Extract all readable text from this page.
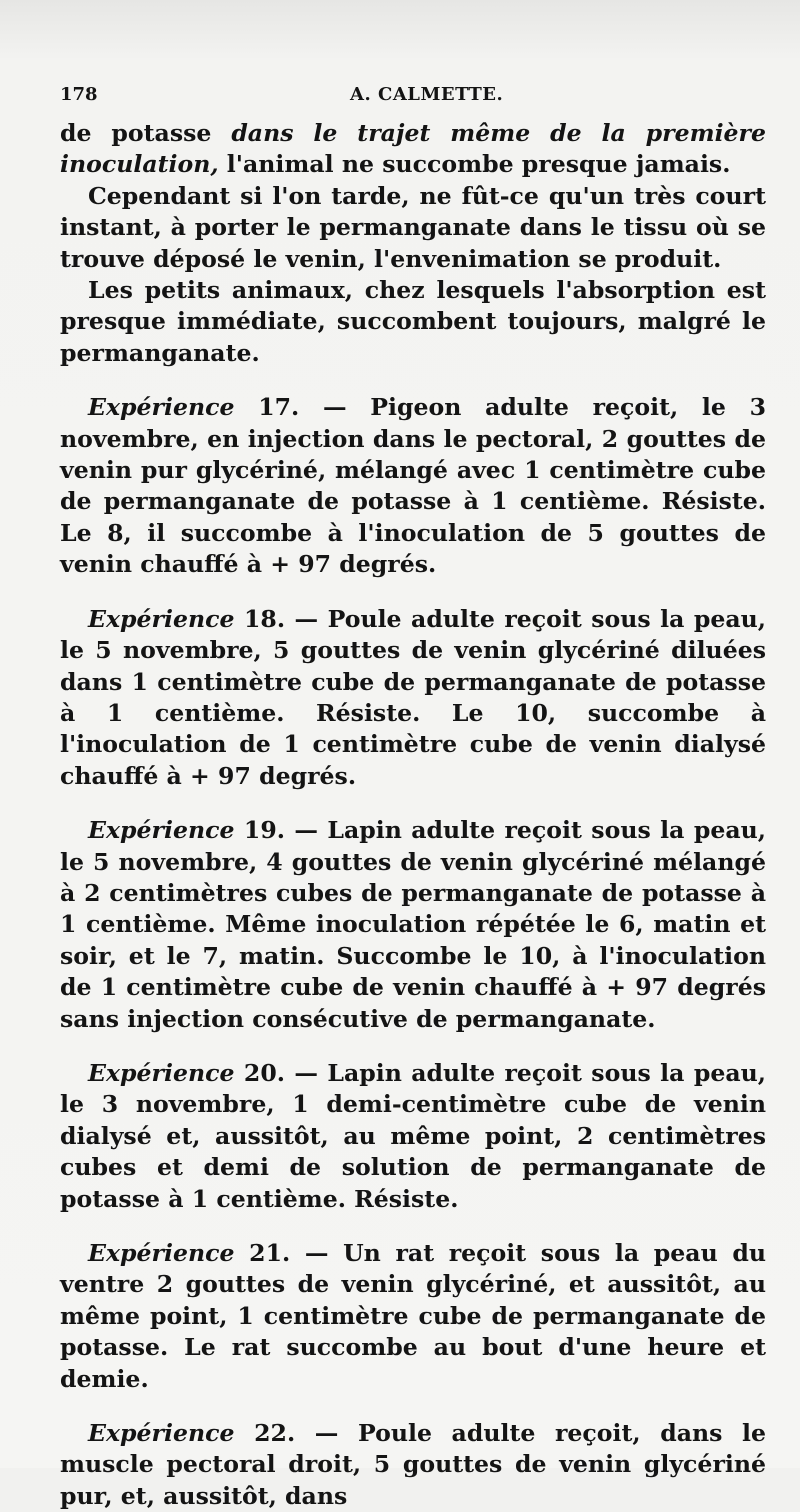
178	A. CALMETTE.

de potasse dans le trajet même de la première inoculation, l'animal ne succombe presque jamais.

Cependant si l'on tarde, ne fût-ce qu'un très court instant, à porter le permanganate dans le tissu où se trouve déposé le venin, l'envenimation se produit.

Les petits animaux, chez lesquels l'absorption est presque immédiate, succombent toujours, malgré le permanganate.

Expérience 17. — Pigeon adulte reçoit, le 3 novembre, en injection dans le pectoral, 2 gouttes de venin pur glycériné, mélangé avec 1 centimètre cube de permanganate de potasse à 1 centième. Résiste. Le 8, il succombe à l'inoculation de 5 gouttes de venin chauffé à + 97 degrés.

Expérience 18. — Poule adulte reçoit sous la peau, le 5 novembre, 5 gouttes de venin glycériné diluées dans 1 centimètre cube de permanganate de potasse à 1 centième. Résiste. Le 10, succombe à l'inoculation de 1 centimètre cube de venin dialysé chauffé à + 97 degrés.

Expérience 19. — Lapin adulte reçoit sous la peau, le 5 novembre, 4 gouttes de venin glycériné mélangé à 2 centimètres cubes de permanganate de potasse à 1 centième. Même inoculation répétée le 6, matin et soir, et le 7, matin. Succombe le 10, à l'inoculation de 1 centimètre cube de venin chauffé à + 97 degrés sans injection consécutive de permanganate.

Expérience 20. — Lapin adulte reçoit sous la peau, le 3 novembre, 1 demi-centimètre cube de venin dialysé et, aussitôt, au même point, 2 centimètres cubes et demi de solution de permanganate de potasse à 1 centième. Résiste.

Expérience 21. — Un rat reçoit sous la peau du ventre 2 gouttes de venin glycériné, et aussitôt, au même point, 1 centimètre cube de permanganate de potasse. Le rat succombe au bout d'une heure et demie.

Expérience 22. — Poule adulte reçoit, dans le muscle pectoral droit, 5 gouttes de venin glycériné pur, et, aussitôt, dans
